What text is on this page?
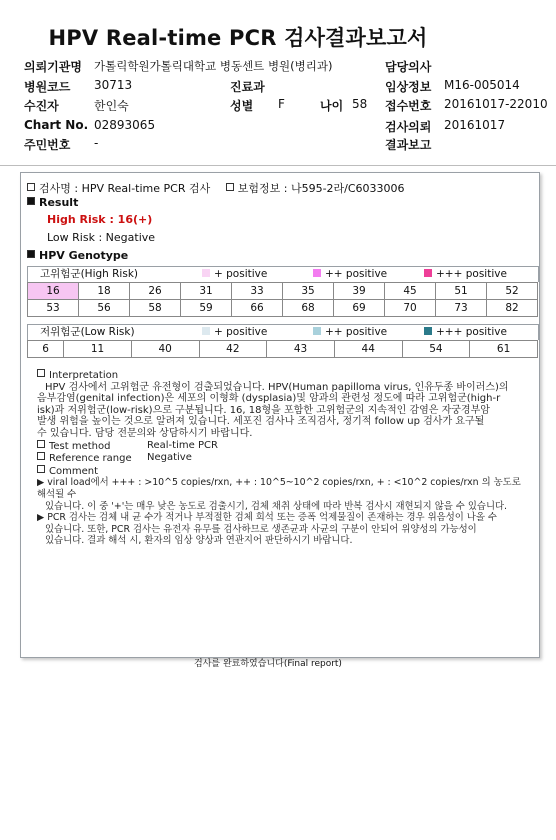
HPV Real-time PCR 검사결과보고서
의뢰기관명 가톨릭학원가톨릭대학교 병동센트 병원(병리과)	담당의사
병원코드 30713	진료과	임상정보 M16-005014
수진자	한인숙	성별 F	나이 58 접수번호 20161017-22010
Chart No. 02893065	검사의뢰 20161017
주민번호 -	결과보고
검사명 : HPV Real-time PCR 검사	보험정보 : 나595-2라/C6033006
Result
High Risk : 16(+)
Low Risk : Negative
HPV Genotype
고위험군(High Risk)	+ positive	++ positive	+++ positive
16	18	26	31	33	35	39	45	51	52
53	56	58	59	66	68	69	70	73	82
저위험군(Low Risk)	+ positive	++ positive	+++ positive
6	11	40	42	43	44	54	61
Interpretation

HPV 검사에서 고위험군 유전형이 검출되었습니다. HPV(Human papilloma virus, 인유두종 바이러스)의

음부감염(genital infection)은 세포의 이형화 (dysplasia)및 암과의 관련성 정도에 따라 고위험군(high-r

isk)과 저위험군(low-risk)으로 구분됩니다. 16, 18형을 포함한 고위험군의 지속적인 감염은 자궁경부암

발생 위험을 높이는 것으로 알려져 있습니다. 세포진 검사나 조직검사, 정기적 follow up 검사가 요구될

수 있습니다. 담당 전문의와 상담하시기 바랍니다.

Test method	Real-time PCR
Reference range Negative
Comment

▶ viral load에서 +++ : >10^5 copies/rxn, ++ : 10^5~10^2 copies/rxn, + : <10^2 copies/rxn 의 농도로 해석될 수

있습니다. 이 중 '+'는 매우 낮은 농도로 검출시기, 검체 채취 상태에 따라 반복 검사시 재현되지 않을 수 있습니다.

▶ PCR 검사는 검체 내 균 수가 적거나 부적절한 검체 희석 또는 증폭 억제물질이 존재하는 경우 위음성이 나올 수

있습니다. 또한, PCR 검사는 유전자 유무를 검사하므로 생존균과 사균의 구분이 안되어 위양성의 가능성이

있습니다. 결과 해석 시, 환자의 임상 양상과 연관지어 판단하시기 바랍니다.

검사를 완료하였습니다(Final report)
